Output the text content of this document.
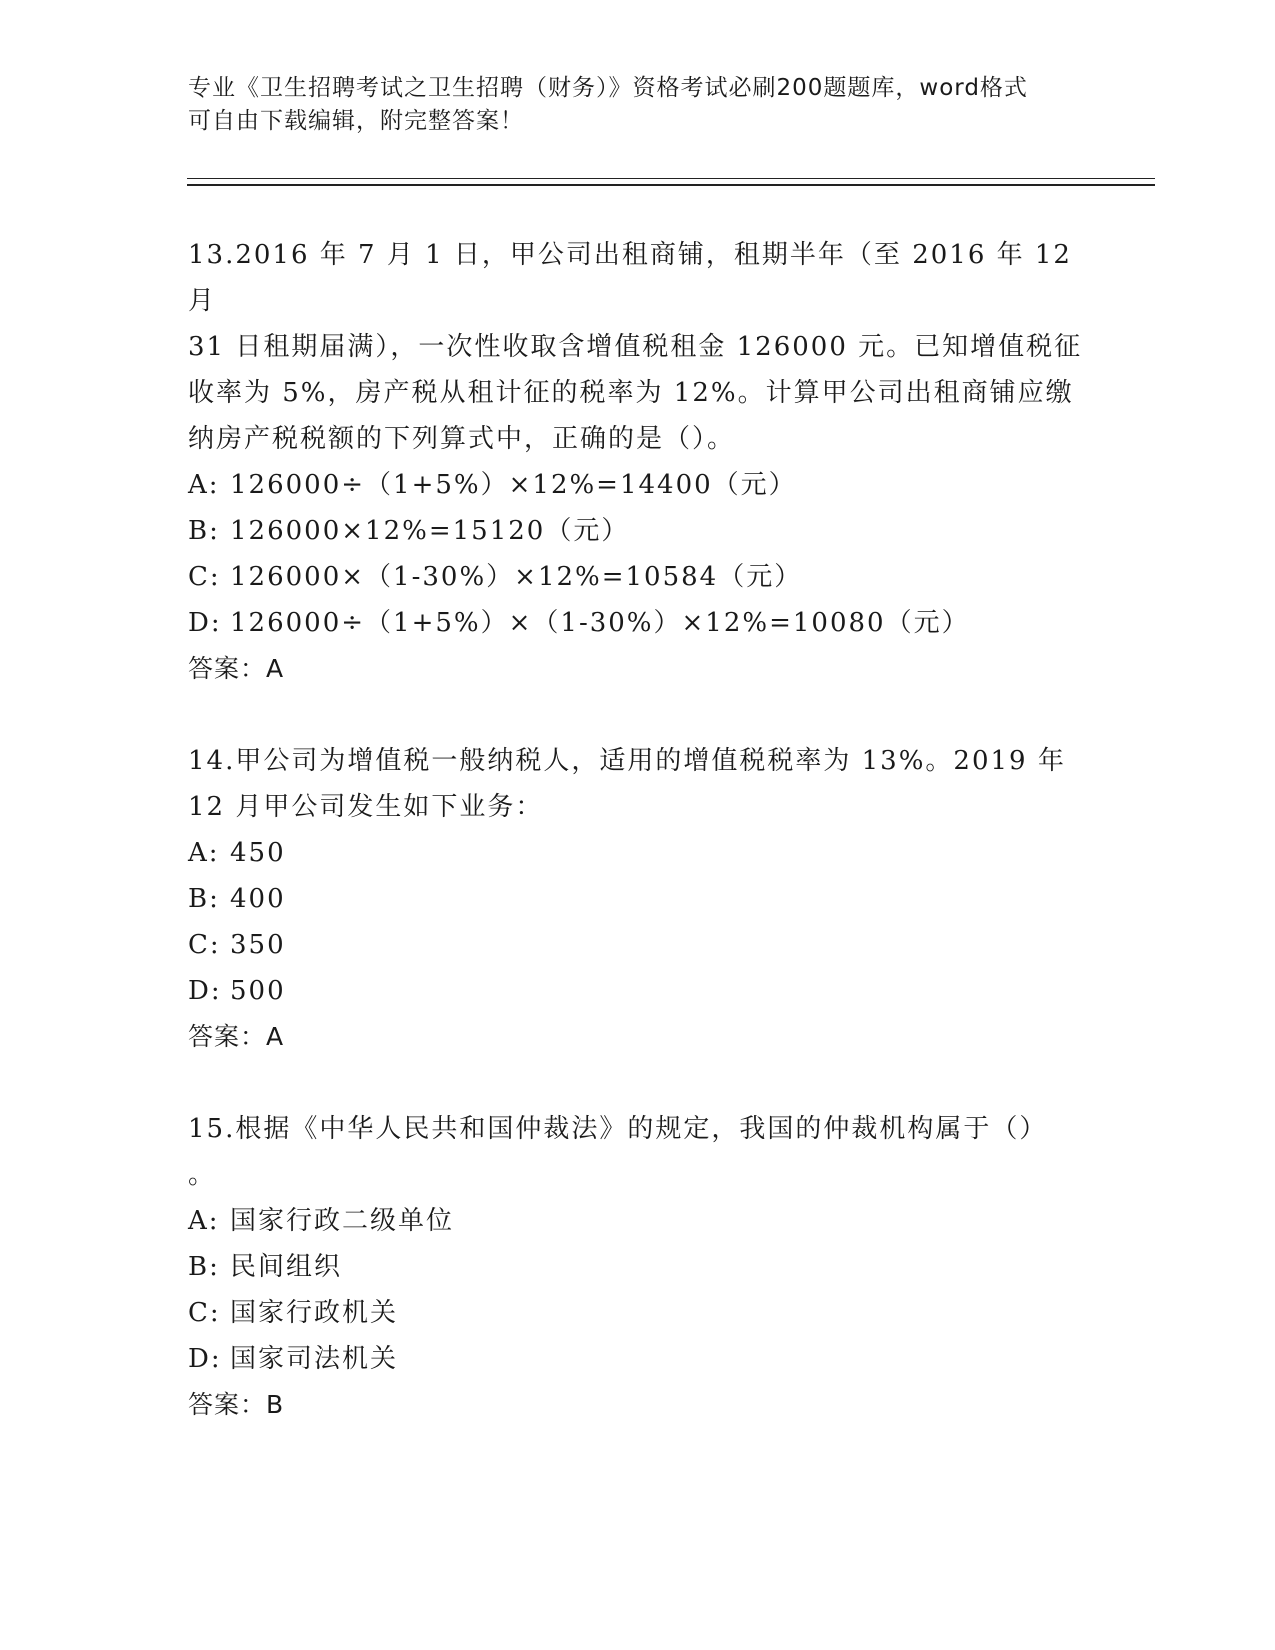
专业《卫生招聘考试之卫生招聘（财务）》资格考试必刷200题题库，word格式
可自由下载编辑，附完整答案！

13.2016 年 7 月 1 日，甲公司出租商铺，租期半年（至 2016 年 12 月

31 日租期届满），一次性收取含增值税租金 126000 元。已知增值税征

收率为 5%，房产税从租计征的税率为 12%。计算甲公司出租商铺应缴

纳房产税税额的下列算式中，正确的是（）。

A: 126000÷（1+5%）×12%=14400（元）

B: 126000×12%=15120（元）

C: 126000×（1-30%）×12%=10584（元）

D: 126000÷（1+5%）×（1-30%）×12%=10080（元）

答案：A

14.甲公司为增值税一般纳税人，适用的增值税税率为 13%。2019 年

12 月甲公司发生如下业务：

A: 450

B: 400

C: 350

D: 500

答案：A

15.根据《中华人民共和国仲裁法》的规定，我国的仲裁机构属于（）

。

A: 国家行政二级单位

B: 民间组织

C: 国家行政机关

D: 国家司法机关

答案：B
